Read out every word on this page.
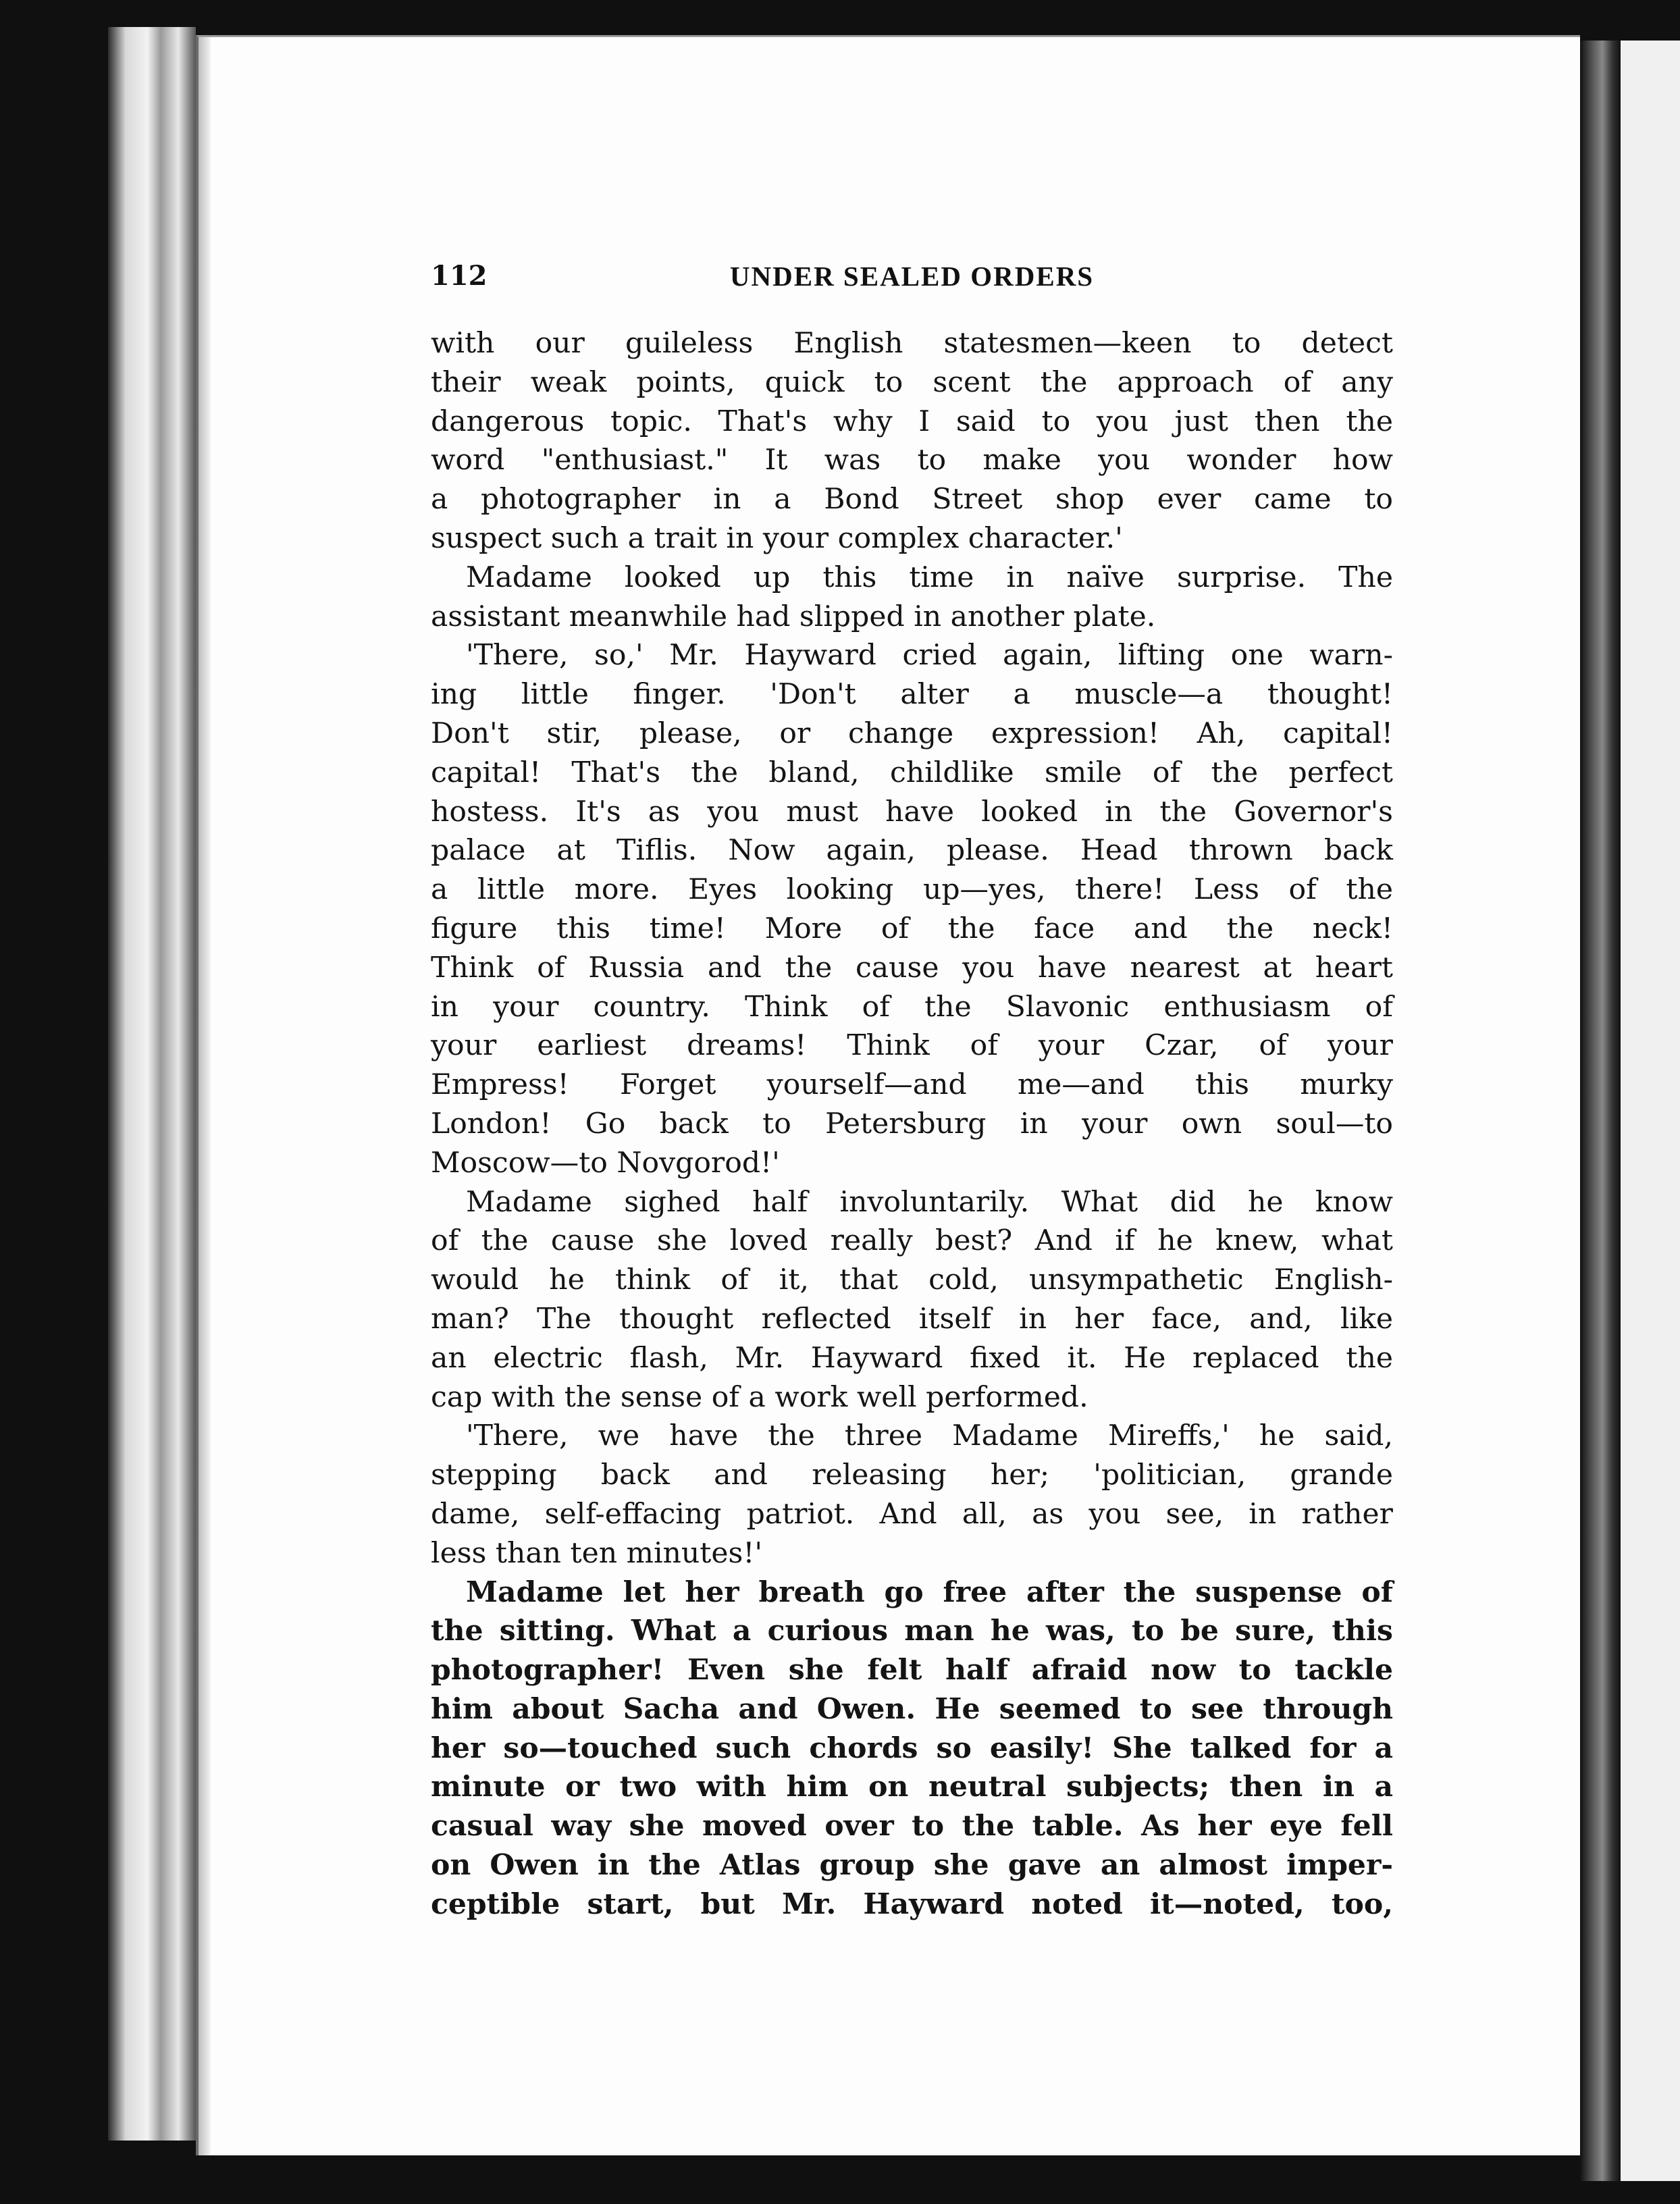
112	UNDER SEALED ORDERS
with our guileless English statesmen—keen to detect
their weak points, quick to scent the approach of any
dangerous topic. That's why I said to you just then the
word "enthusiast." It was to make you wonder how
a photographer in a Bond Street shop ever came to
suspect such a trait in your complex character.'
Madame looked up this time in naïve surprise. The
assistant meanwhile had slipped in another plate.
'There, so,' Mr. Hayward cried again, lifting one warn-
ing little finger. 'Don't alter a muscle—a thought!
Don't stir, please, or change expression! Ah, capital!
capital! That's the bland, childlike smile of the perfect
hostess. It's as you must have looked in the Governor's
palace at Tiflis. Now again, please. Head thrown back
a little more. Eyes looking up—yes, there! Less of the
figure this time! More of the face and the neck!
Think of Russia and the cause you have nearest at heart
in your country. Think of the Slavonic enthusiasm of
your earliest dreams! Think of your Czar, of your
Empress! Forget yourself—and me—and this murky
London! Go back to Petersburg in your own soul—to
Moscow—to Novgorod!'
Madame sighed half involuntarily. What did he know
of the cause she loved really best? And if he knew, what
would he think of it, that cold, unsympathetic English-
man? The thought reflected itself in her face, and, like
an electric flash, Mr. Hayward fixed it. He replaced the
cap with the sense of a work well performed.
'There, we have the three Madame Mireffs,' he said,
stepping back and releasing her; 'politician, grande
dame, self-effacing patriot. And all, as you see, in rather
less than ten minutes!'
Madame let her breath go free after the suspense of
the sitting. What a curious man he was, to be sure, this
photographer! Even she felt half afraid now to tackle
him about Sacha and Owen. He seemed to see through
her so—touched such chords so easily! She talked for a
minute or two with him on neutral subjects; then in a
casual way she moved over to the table. As her eye fell
on Owen in the Atlas group she gave an almost imper-
ceptible start, but Mr. Hayward noted it—noted, too,
